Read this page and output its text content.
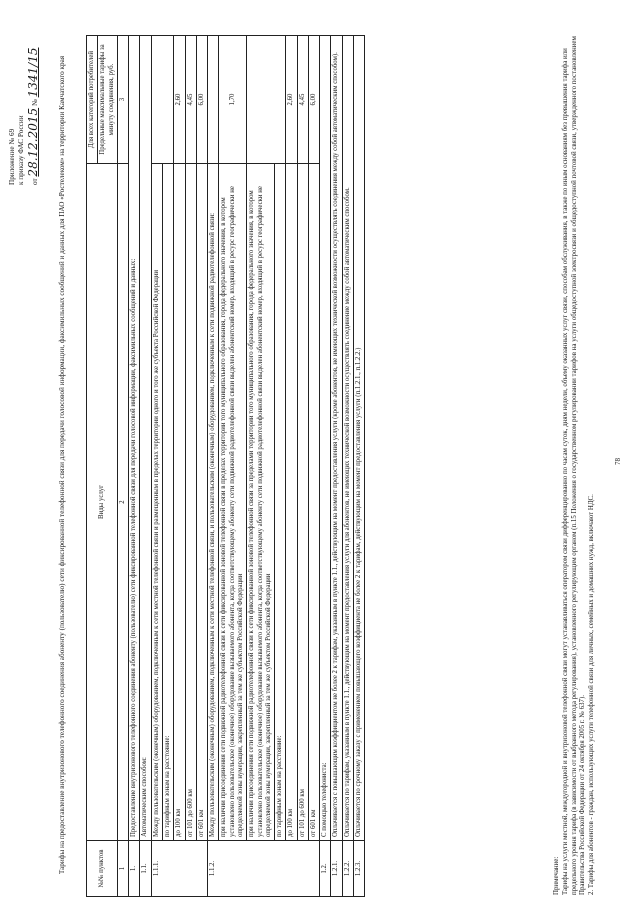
Приложение № 69 к приказу ФАС России от 28.12.2015 № 1341/15	Тарифы на предоставление внутризонового телефонного соединения абоненту (пользователю) сети фиксированной телефонной связи для передачи голосовой информации, факсимильных сообщений и данных для ПАО «Ростелеком» на территории Камчатского края	№№ пунктов	Виды услуг	Для всех категорий потребителей
		Предельные максимальные тарифы за минуту соединения, руб.
1	2	3
1.	Предоставление внутризонового телефонного соединения абоненту (пользователю) сети фиксированной телефонной связи для передачи голосовой информации, факсимильных сообщений и данных:	
1.1.	Автоматическим способом:	
1.1.1.	Между пользовательским (оконечным) оборудованием, подключенным к сети местной телефонной связи и размещенным в пределах территории одного и того же субъекта Российской Федерации	
	по тарифным зонам на расстояние:	
	до 100 км	2,60
	от 101 до 600 км	4,45
	от 601 км	6,00
1.1.2.	Между пользовательским (оконечным) оборудованием, подключенным к сети местной телефонной связи, и пользовательским (оконечным) оборудованием, подключенным к сети подвижной радиотелефонной связи:	
	при наличии присоединения сети подвижной радиотелефонной связи к сети фиксированной зоновой телефонной связи в пределах территории того муниципального образования, города федерального значения, в котором установлено пользовательское (оконечное) оборудование вызываемого абонента, когда соответствующему абоненту сети подвижной радиотелефонной связи выделен абонентский номер, входящий в ресурс географически не определяемой зоны нумерации, закрепленный за тем же субъектом Российской Федерации	1,70
	при наличии присоединения сети подвижной радиотелефонной связи к сети фиксированной зоновой телефонной связи за пределами территории того муниципального образования, города федерального значения, в котором установлено пользовательское (оконечное) оборудование вызываемого абонента, когда соответствующему абоненту сети подвижной радиотелефонной связи выделен абонентский номер, входящий в ресурс географически не определяемой зоны нумерации, закрепленный за тем же субъектом Российской Федерации	
	по тарифным зонам на расстояние:	
	до 100 км	2,60
	от 101 до 600 км	4,45
	от 601 км	6,00
1.2.	С помощью телефониста:	
1.2.1.	Оплачивается с повышающим коэффициентом не более 2 к тарифам, указанным в пункте 1.1., действующим на момент предоставления услуги (кроме абонентов, не имеющих технической возможности осуществлять соединения между собой автоматическим способом).	
1.2.2.	Оплачивается по тарифам, указанным в пункте 1.1., действующим на момент предоставления услуги для абонентов, не имеющих технической возможности осуществлять соединение между собой автоматическим способом.	
1.2.3.	Оплачивается по срочному заказу с применением повышающего коэффициента не более 2 к тарифам, действующим на момент предоставления услуги (п.1.2.1., п.1.2.2.)	
Примечание: Тарифы на услуги местной, междугородной и внутризоновой телефонной связи могут устанавливаться оператором связи дифференцированно по часам суток, дням недели, объему оказанных услуг связи, способам обслуживания, в также по иным основаниям без превышения тарифа или предельного уровня тарифа (в зависимости от выбранного метода регулирования), установленного регулирующим органом (п.15 Положения о государственном регулировании тарифов на услуги общедоступной электросвязи и общедоступной почтовой связи, утвержденного постановлением Правительства Российской Федерации от 24 октября 2005 г. № 637). 2. Тарифы для абонентов - граждан, использующих услуги телефонной связи для личных, семейных и домашних нужд, включают НДС.
78
